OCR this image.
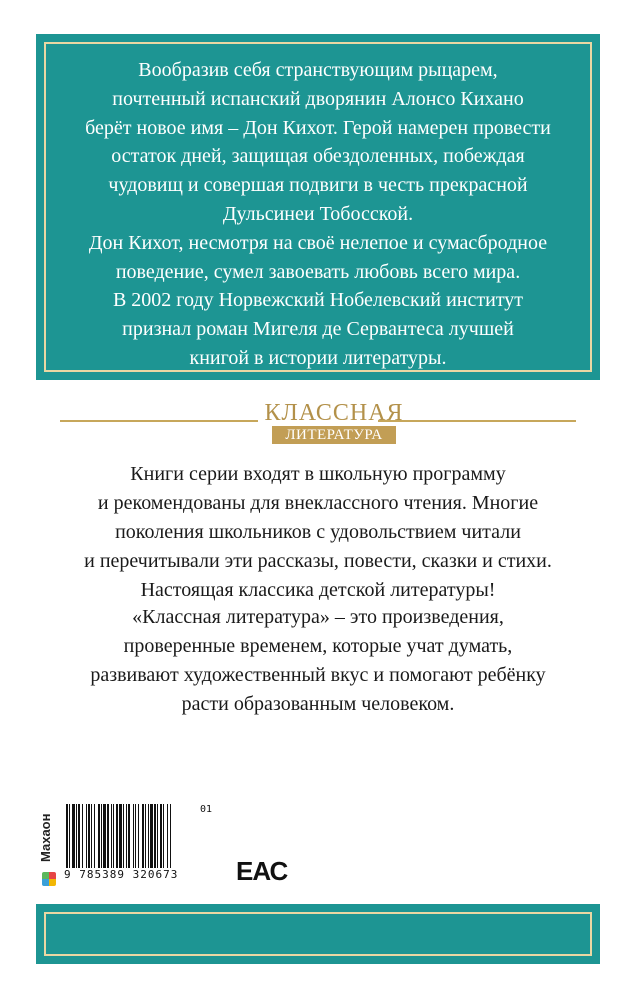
Вообразив себя странствующим рыцарем,
почтенный испанский дворянин Алонсо Кихано
берёт новое имя – Дон Кихот. Герой намерен провести
остаток дней, защищая обездоленных, побеждая
чудовищ и совершая подвиги в честь прекрасной
Дульсинеи Тобосской.
Дон Кихот, несмотря на своё нелепое и сумасбродное
поведение, сумел завоевать любовь всего мира.
В 2002 году Норвежский Нобелевский институт
признал роман Мигеля де Сервантеса лучшей
книгой в истории литературы.

КЛАССНАЯ
ЛИТЕРАТУРА

Книги серии входят в школьную программу
и рекомендованы для внеклассного чтения. Многие
поколения школьников с удовольствием читали
и перечитывали эти рассказы, повести, сказки и стихи.
Настоящая классика детской литературы!

«Классная литература» – это произведения,
проверенные временем, которые учат думать,
развивают художественный вкус и помогают ребёнку
расти образованным человеком.

Махаон
01
9 785389 320673	ЕАС
